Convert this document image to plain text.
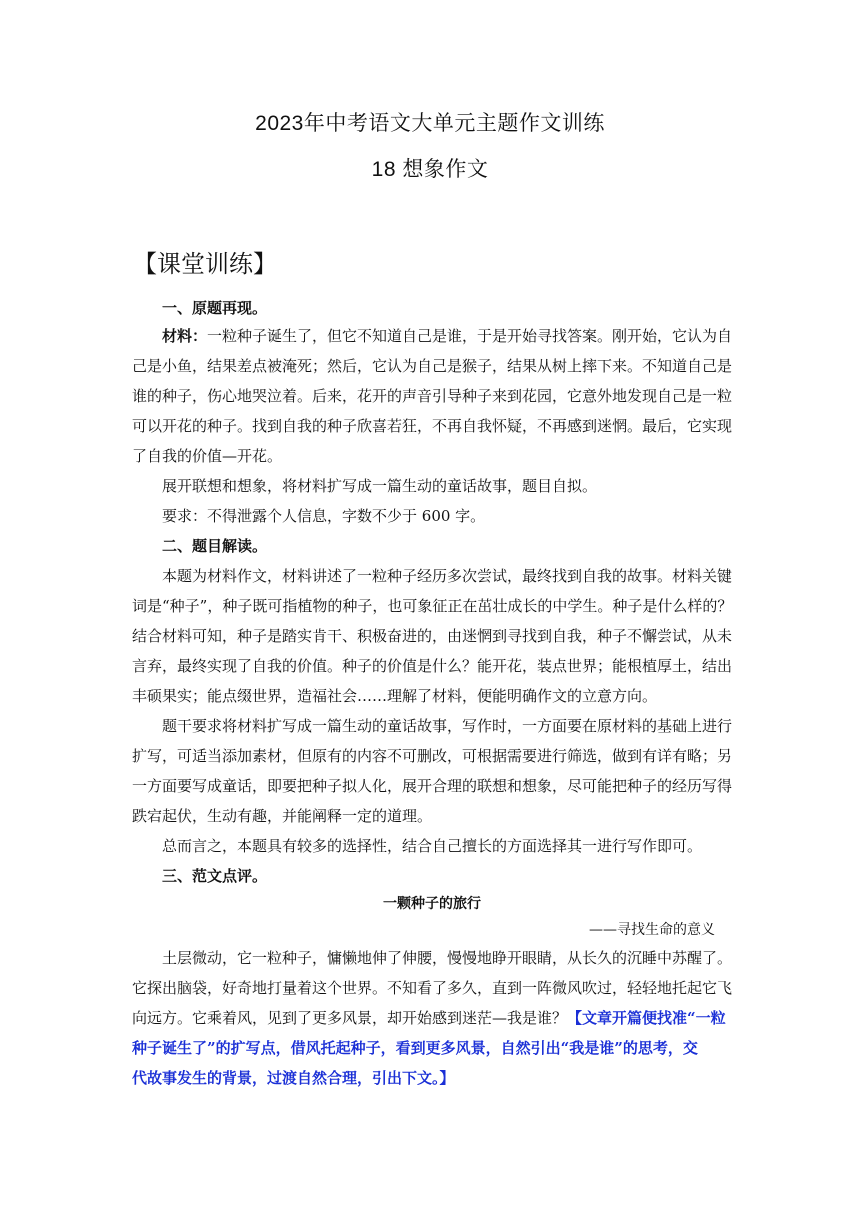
2023年中考语文大单元主题作文训练
18 想象作文
【课堂训练】
一、原题再现。
材料：一粒种子诞生了，但它不知道自己是谁，于是开始寻找答案。刚开始，它认为自
己是小鱼，结果差点被淹死；然后，它认为自己是猴子，结果从树上摔下来。不知道自己是
谁的种子，伤心地哭泣着。后来，花开的声音引导种子来到花园，它意外地发现自己是一粒
可以开花的种子。找到自我的种子欣喜若狂，不再自我怀疑，不再感到迷惘。最后，它实现
了自我的价值—开花。
展开联想和想象，将材料扩写成一篇生动的童话故事，题目自拟。
要求：不得泄露个人信息，字数不少于 600 字。
二、题目解读。
本题为材料作文，材料讲述了一粒种子经历多次尝试，最终找到自我的故事。材料关键
词是“种子”，种子既可指植物的种子，也可象征正在茁壮成长的中学生。种子是什么样的？
结合材料可知，种子是踏实肯干、积极奋进的，由迷惘到寻找到自我，种子不懈尝试，从未
言弃，最终实现了自我的价值。种子的价值是什么？能开花，装点世界；能根植厚土，结出
丰硕果实；能点缀世界，造福社会……理解了材料，便能明确作文的立意方向。
题干要求将材料扩写成一篇生动的童话故事，写作时，一方面要在原材料的基础上进行
扩写，可适当添加素材，但原有的内容不可删改，可根据需要进行筛选，做到有详有略；另
一方面要写成童话，即要把种子拟人化，展开合理的联想和想象，尽可能把种子的经历写得
跌宕起伏，生动有趣，并能阐释一定的道理。
总而言之，本题具有较多的选择性，结合自己擅长的方面选择其一进行写作即可。
三、范文点评。
一颗种子的旅行
——寻找生命的意义
土层微动，它一粒种子，慵懒地伸了伸腰，慢慢地睁开眼睛，从长久的沉睡中苏醒了。
它探出脑袋，好奇地打量着这个世界。不知看了多久，直到一阵微风吹过，轻轻地托起它飞
向远方。它乘着风，见到了更多风景，却开始感到迷茫—我是谁？【文章开篇便找准“一粒
种子诞生了”的扩写点，借风托起种子，看到更多风景，自然引出“我是谁”的思考，交
代故事发生的背景，过渡自然合理，引出下文。】
